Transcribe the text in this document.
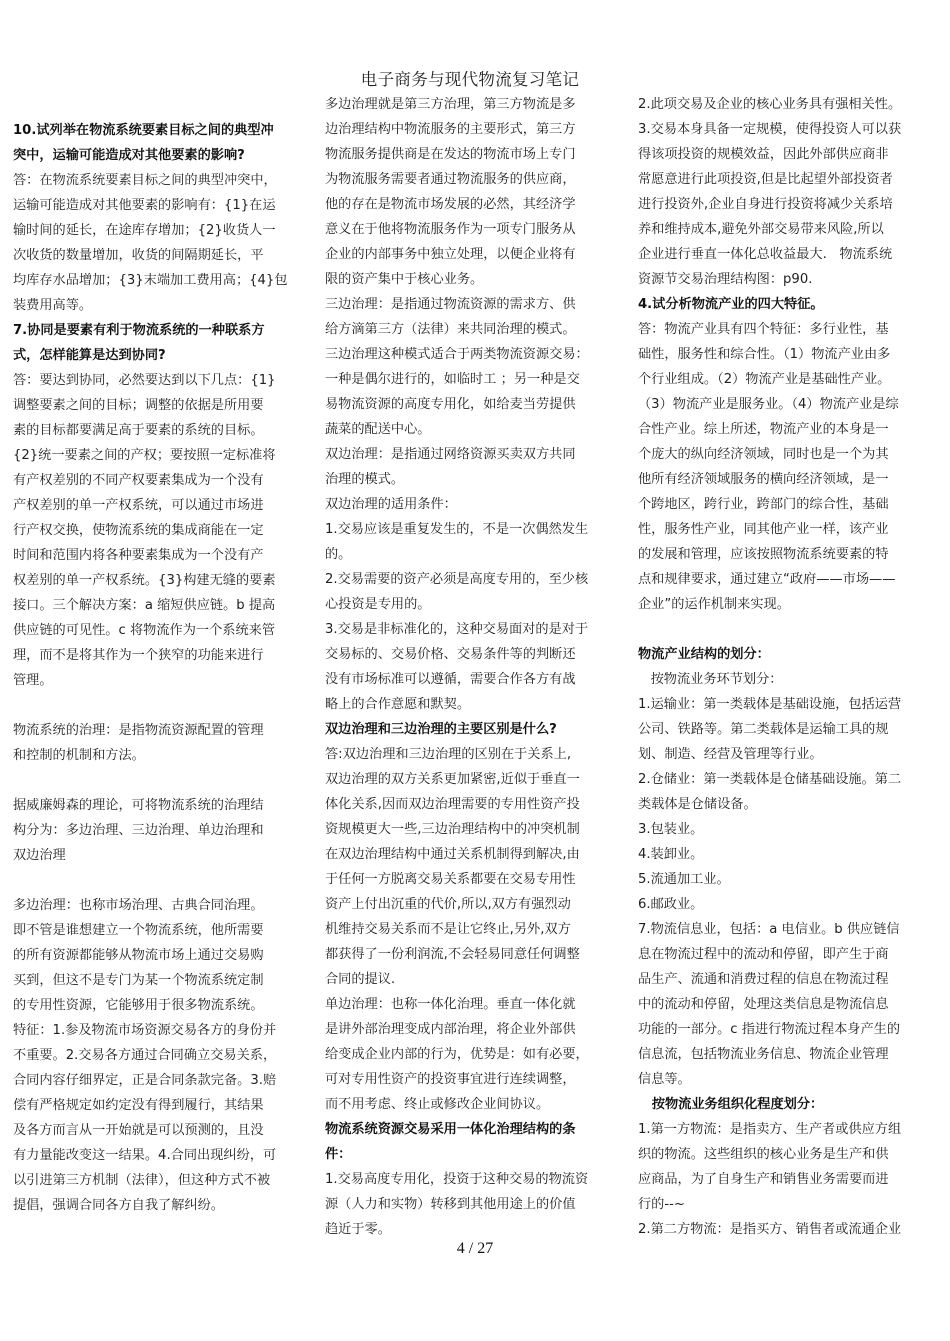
电子商务与现代物流复习笔记
10.试列举在物流系统要素目标之间的典型冲
突中，运输可能造成对其他要素的影响?
答：在物流系统要素目标之间的典型冲突中，
运输可能造成对其他要素的影响有：{1}在运
输时间的延长，在途库存增加；{2}收货人一
次收货的数量增加，收货的间隔期延长，平
均库存水品增加；{3}末端加工费用高；{4}包
装费用高等。
7.协同是要素有利于物流系统的一种联系方
式，怎样能算是达到协同?
答：要达到协同，必然要达到以下几点：{1}
调整要素之间的目标；调整的依据是所用要
素的目标都要满足高于要素的系统的目标。
{2}统一要素之间的产权；要按照一定标准将
有产权差别的不同产权要素集成为一个没有
产权差别的单一产权系统，可以通过市场进
行产权交换，使物流系统的集成商能在一定
时间和范围内将各种要素集成为一个没有产
权差别的单一产权系统。{3}构建无缝的要素
接口。三个解决方案：a 缩短供应链。b 提高
供应链的可见性。c 将物流作为一个系统来管
理，而不是将其作为一个狭窄的功能来进行
管理。
物流系统的治理：是指物流资源配置的管理
和控制的机制和方法。
据威廉姆森的理论，可将物流系统的治理结
构分为：多边治理、三边治理、单边治理和
双边治理
多边治理：也称市场治理、古典合同治理。
即不管是谁想建立一个物流系统，他所需要
的所有资源都能够从物流市场上通过交易购
买到，但这不是专门为某一个物流系统定制
的专用性资源，它能够用于很多物流系统。
特征：1.参及物流市场资源交易各方的身份并
不重要。2.交易各方通过合同确立交易关系，
合同内容仔细界定，正是合同条款完备。3.赔
偿有严格规定如约定没有得到履行，其结果
及各方而言从一开始就是可以预测的，且没
有力量能改变这一结果。4.合同出现纠纷，可
以引进第三方机制（法律），但这种方式不被
提倡，强调合同各方自我了解纠纷。
多边治理就是第三方治理，第三方物流是多
边治理结构中物流服务的主要形式，第三方
物流服务提供商是在发达的物流市场上专门
为物流服务需要者通过物流服务的供应商，
他的存在是物流市场发展的必然，其经济学
意义在于他将物流服务作为一项专门服务从
企业的内部事务中独立处理，以便企业将有
限的资产集中于核心业务。
三边治理：是指通过物流资源的需求方、供
给方滴第三方（法律）来共同治理的模式。
三边治理这种模式适合于两类物流资源交易：
一种是偶尔进行的，如临时工 ；另一种是交
易物流资源的高度专用化，如给麦当劳提供
蔬菜的配送中心。
双边治理：是指通过网络资源买卖双方共同
治理的模式。
双边治理的适用条件：
1.交易应该是重复发生的，不是一次偶然发生
的。
2.交易需要的资产必须是高度专用的，至少核
心投资是专用的。
3.交易是非标准化的，这种交易面对的是对于
交易标的、交易价格、交易条件等的判断还
没有市场标准可以遵循，需要合作各方有战
略上的合作意愿和默契。
双边治理和三边治理的主要区别是什么?
答:双边治理和三边治理的区别在于关系上,
双边治理的双方关系更加紧密,近似于垂直一
体化关系,因而双边治理需要的专用性资产投
资规模更大一些,三边治理结构中的冲突机制
在双边治理结构中通过关系机制得到解决,由
于任何一方脱离交易关系都要在交易专用性
资产上付出沉重的代价,所以,双方有强烈动
机维持交易关系而不是让它终止,另外,双方
都获得了一份利润流,不会轻易同意任何调整
合同的提议.
单边治理：也称一体化治理。垂直一体化就
是讲外部治理变成内部治理，将企业外部供
给变成企业内部的行为，优势是：如有必要，
可对专用性资产的投资事宜进行连续调整，
而不用考虑、终止或修改企业间协议。
物流系统资源交易采用一体化治理结构的条
件：
1.交易高度专用化，投资于这种交易的物流资
源（人力和实物）转移到其他用途上的价值
趋近于零。
2.此项交易及企业的核心业务具有强相关性。
3.交易本身具备一定规模，使得投资人可以获
得该项投资的规模效益，因此外部供应商非
常愿意进行此项投资,但是比起望外部投资者
进行投资外,企业自身进行投资将减少关系培
养和维持成本,避免外部交易带来风险,所以
企业进行垂直一体化总收益最大.   物流系统
资源节交易治理结构图：p90.
4.试分析物流产业的四大特征。
答：物流产业具有四个特征：多行业性，基
础性，服务性和综合性。（1）物流产业由多
个行业组成。（2）物流产业是基础性产业。
（3）物流产业是服务业。（4）物流产业是综
合性产业。综上所述，物流产业的本身是一
个庞大的纵向经济领域，同时也是一个为其
他所有经济领域服务的横向经济领域，是一
个跨地区，跨行业，跨部门的综合性，基础
性，服务性产业，同其他产业一样，该产业
的发展和管理，应该按照物流系统要素的特
点和规律要求，通过建立“政府——市场——
企业”的运作机制来实现。
物流产业结构的划分：
按物流业务环节划分：
1.运输业：第一类载体是基础设施，包括运营
公司、铁路等。第二类载体是运输工具的规
划、制造、经营及管理等行业。
2.仓储业：第一类载体是仓储基础设施。第二
类载体是仓储设备。
3.包装业。
4.装卸业。
5.流通加工业。
6.邮政业。
7.物流信息业，包括：a 电信业。b 供应链信
息在物流过程中的流动和停留，即产生于商
品生产、流通和消费过程的信息在物流过程
中的流动和停留，处理这类信息是物流信息
功能的一部分。c 指进行物流过程本身产生的
信息流，包括物流业务信息、物流企业管理
信息等。
按物流业务组织化程度划分：
1.第一方物流：是指卖方、生产者或供应方组
织的物流。这些组织的核心业务是生产和供
应商品，为了自身生产和销售业务需要而进
行的--~
2.第二方物流：是指买方、销售者或流通企业
4 / 27
